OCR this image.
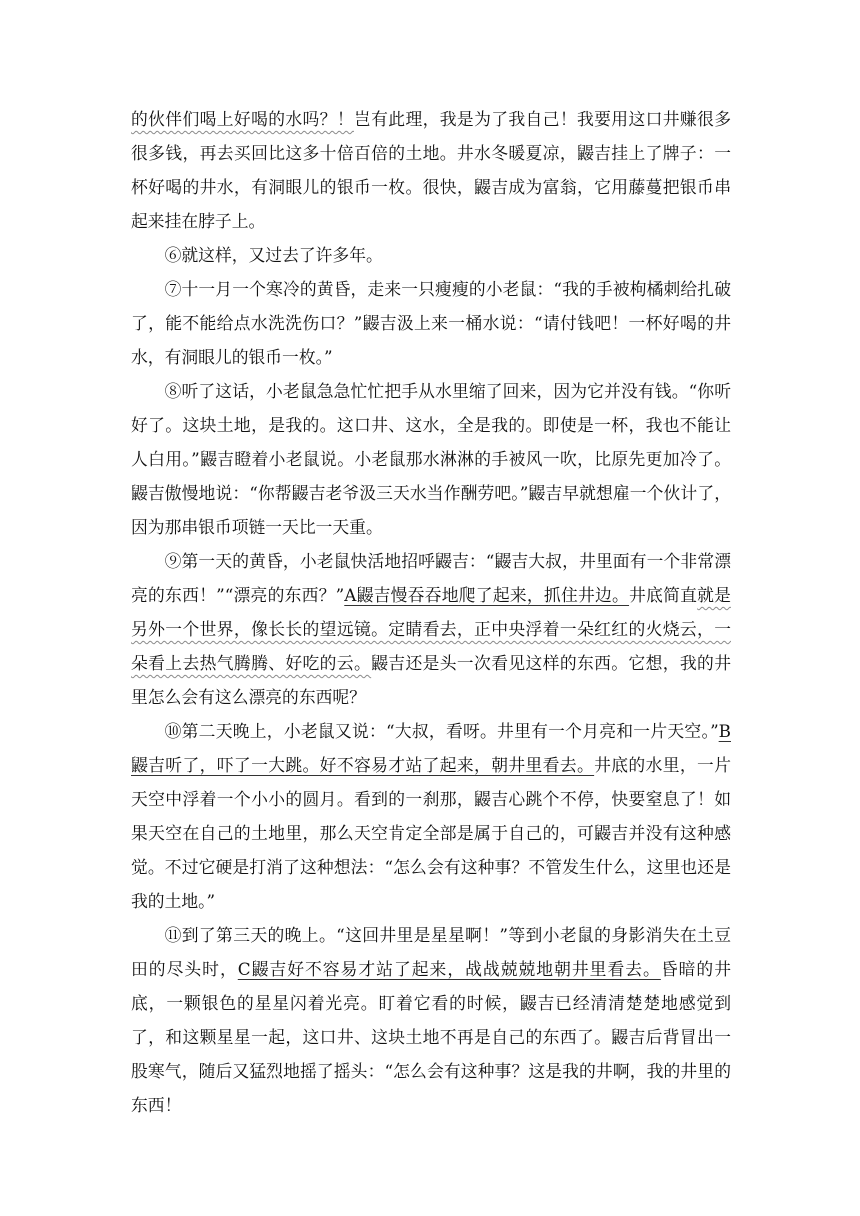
的伙伴们喝上好喝的水吗？！岂有此理，我是为了我自己！我要用这口井赚很多很多钱，再去买回比这多十倍百倍的土地。井水冬暖夏凉，鼹吉挂上了牌子：一杯好喝的井水，有洞眼儿的银币一枚。很快，鼹吉成为富翁，它用藤蔓把银币串起来挂在脖子上。

⑥就这样，又过去了许多年。

⑦十一月一个寒冷的黄昏，走来一只瘦瘦的小老鼠：“我的手被枸橘刺给扎破了，能不能给点水洗洗伤口？”鼹吉汲上来一桶水说：“请付钱吧！一杯好喝的井水，有洞眼儿的银币一枚。”

⑧听了这话，小老鼠急急忙忙把手从水里缩了回来，因为它并没有钱。“你听好了。这块土地，是我的。这口井、这水，全是我的。即使是一杯，我也不能让人白用。”鼹吉瞪着小老鼠说。小老鼠那水淋淋的手被风一吹，比原先更加冷了。鼹吉傲慢地说：“你帮鼹吉老爷汲三天水当作酬劳吧。”鼹吉早就想雇一个伙计了，因为那串银币项链一天比一天重。

⑨第一天的黄昏，小老鼠快活地招呼鼹吉：“鼹吉大叔，井里面有一个非常漂亮的东西！”“漂亮的东西？”A鼹吉慢吞吞地爬了起来，抓住井边。井底简直就是另外一个世界，像长长的望远镜。定睛看去，正中央浮着一朵红红的火烧云，一朵看上去热气腾腾、好吃的云。鼹吉还是头一次看见这样的东西。它想，我的井里怎么会有这么漂亮的东西呢？

⑩第二天晚上，小老鼠又说：“大叔，看呀。井里有一个月亮和一片天空。”B鼹吉听了，吓了一大跳。好不容易才站了起来，朝井里看去。井底的水里，一片天空中浮着一个小小的圆月。看到的一刹那，鼹吉心跳个不停，快要窒息了！如果天空在自己的土地里，那么天空肯定全部是属于自己的，可鼹吉并没有这种感觉。不过它硬是打消了这种想法：“怎么会有这种事？不管发生什么，这里也还是我的土地。”

⑪到了第三天的晚上。“这回井里是星星啊！”等到小老鼠的身影消失在土豆田的尽头时，C鼹吉好不容易才站了起来，战战兢兢地朝井里看去。昏暗的井底，一颗银色的星星闪着光亮。盯着它看的时候，鼹吉已经清清楚楚地感觉到了，和这颗星星一起，这口井、这块土地不再是自己的东西了。鼹吉后背冒出一股寒气，随后又猛烈地摇了摇头：“怎么会有这种事？这是我的井啊，我的井里的东西！
